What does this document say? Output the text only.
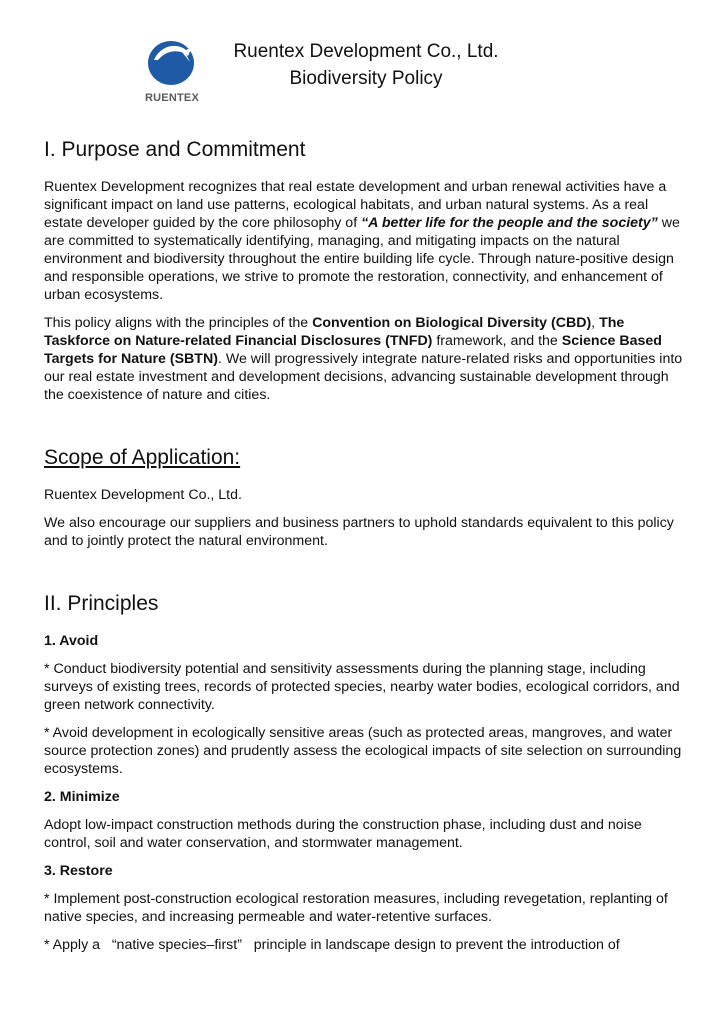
RUENTEX
Ruentex Development Co., Ltd.
Biodiversity Policy
I. Purpose and Commitment

Ruentex Development recognizes that real estate development and urban renewal activities have a significant impact on land use patterns, ecological habitats, and urban natural systems. As a real estate developer guided by the core philosophy of “A better life for the people and the society” we are committed to systematically identifying, managing, and mitigating impacts on the natural environment and biodiversity throughout the entire building life cycle. Through nature-positive design and responsible operations, we strive to promote the restoration, connectivity, and enhancement of urban ecosystems.

This policy aligns with the principles of the Convention on Biological Diversity (CBD), The Taskforce on Nature-related Financial Disclosures (TNFD) framework, and the Science Based Targets for Nature (SBTN). We will progressively integrate nature-related risks and opportunities into our real estate investment and development decisions, advancing sustainable development through the coexistence of nature and cities.

Scope of Application:

Ruentex Development Co., Ltd.

We also encourage our suppliers and business partners to uphold standards equivalent to this policy and to jointly protect the natural environment.

II. Principles
1. Avoid

* Conduct biodiversity potential and sensitivity assessments during the planning stage, including surveys of existing trees, records of protected species, nearby water bodies, ecological corridors, and green network connectivity.

* Avoid development in ecologically sensitive areas (such as protected areas, mangroves, and water source protection zones) and prudently assess the ecological impacts of site selection on surrounding ecosystems.

2. Minimize

Adopt low-impact construction methods during the construction phase, including dust and noise control, soil and water conservation, and stormwater management.

3. Restore

* Implement post-construction ecological restoration measures, including revegetation, replanting of native species, and increasing permeable and water-retentive surfaces.

* Apply a   “native species–first”   principle in landscape design to prevent the introduction of
